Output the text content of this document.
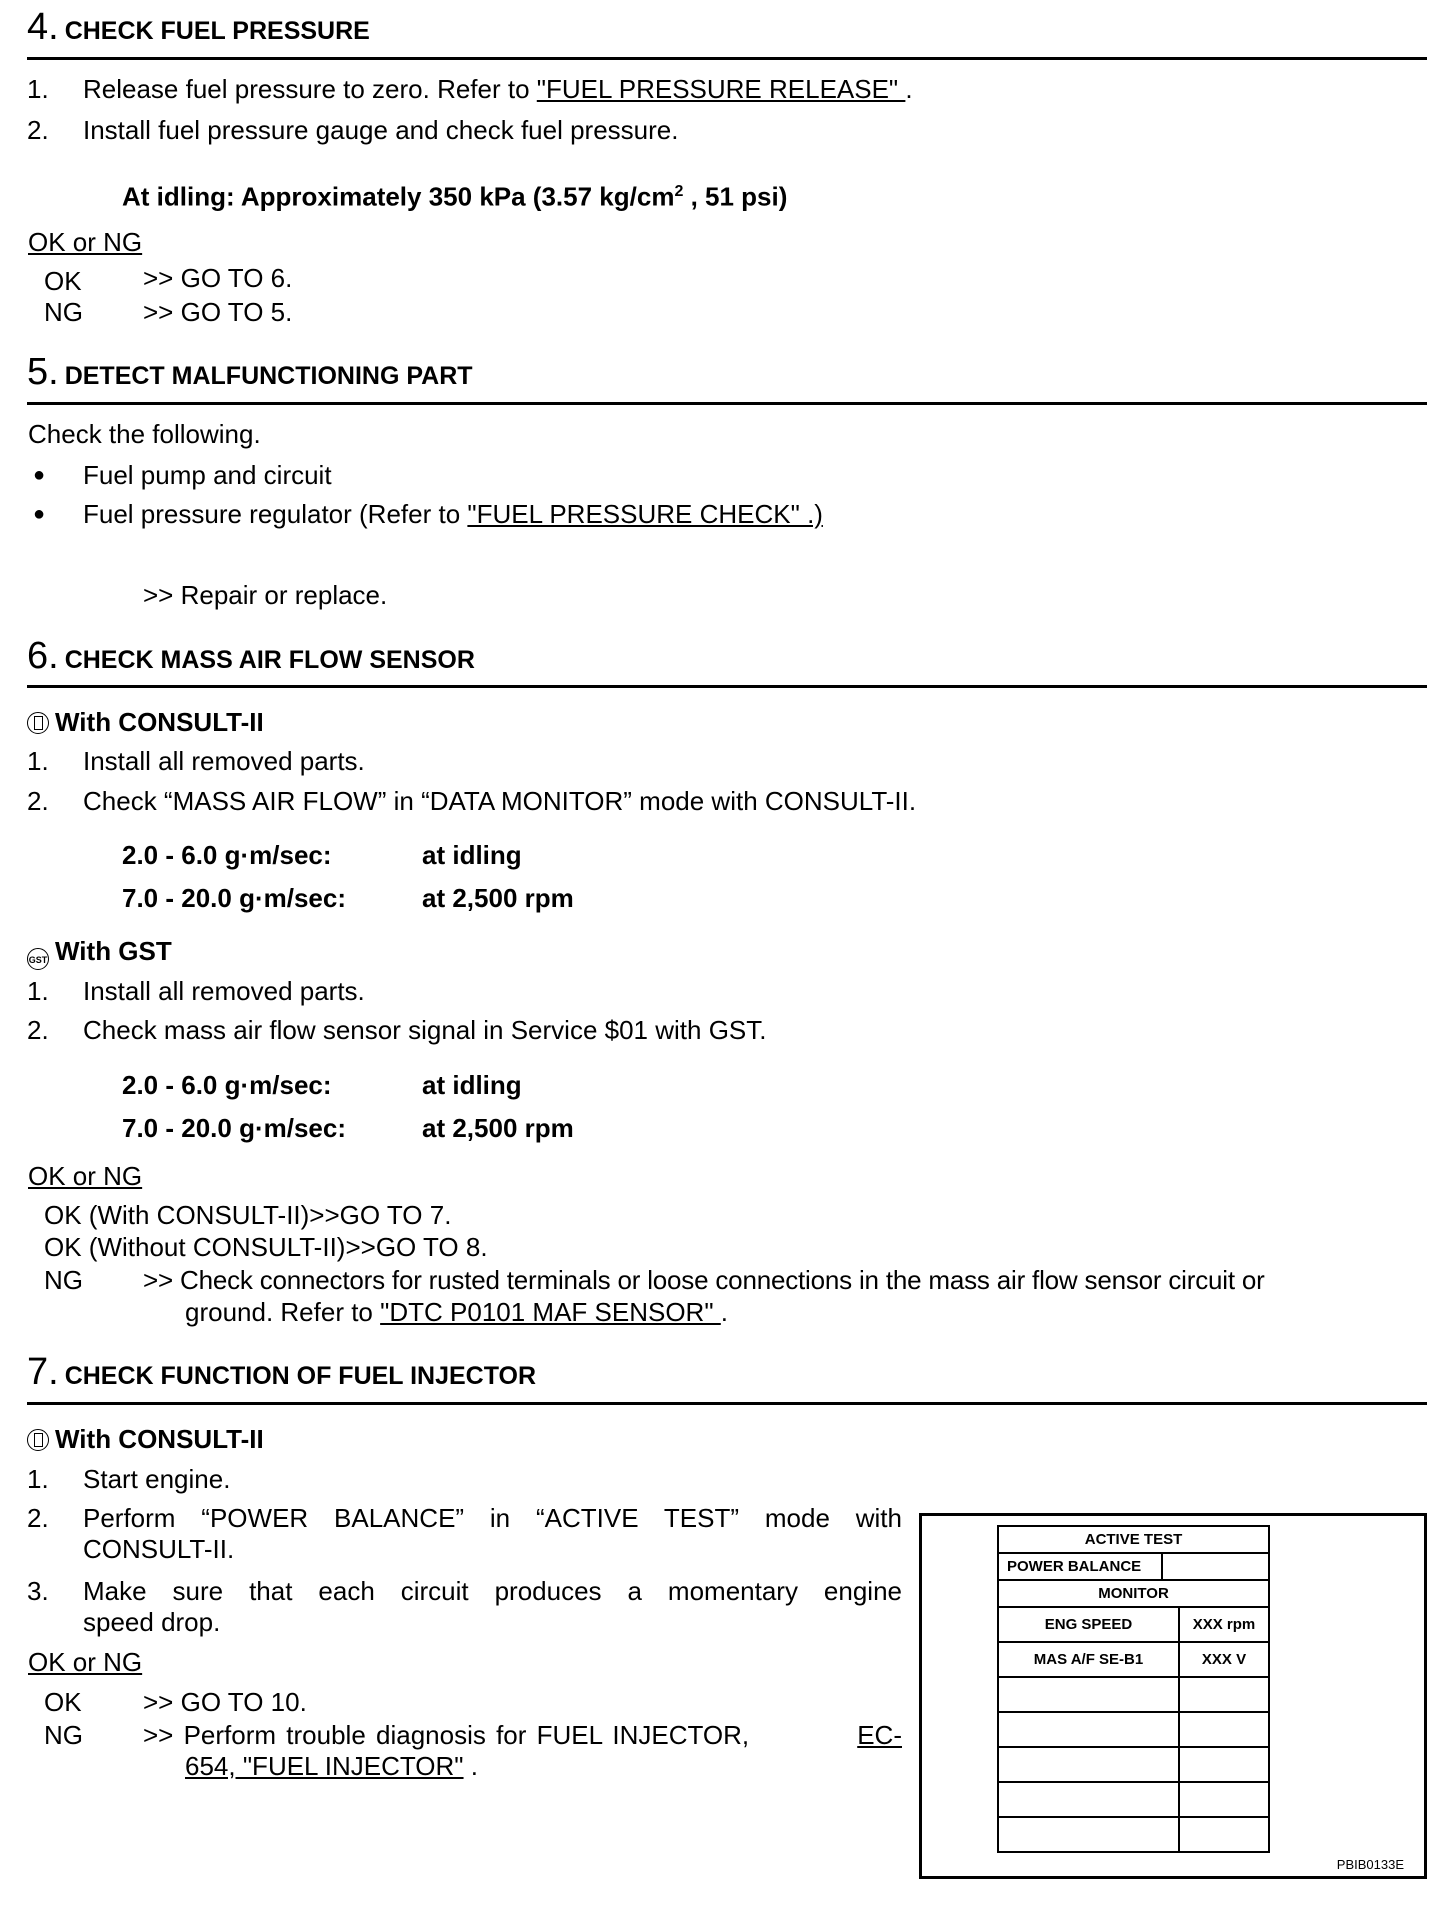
4. CHECK FUEL PRESSURE
1. Release fuel pressure to zero. Refer to "FUEL PRESSURE RELEASE" .
2. Install fuel pressure gauge and check fuel pressure.
At idling: Approximately 350 kPa (3.57 $kg/cm^2$ , 51 psi)
OK or NG
OK >> GO TO 6.
NG >> GO TO 5.
5. DETECT MALFUNCTIONING PART
Check the following.
● Fuel pump and circuit
● Fuel pressure regulator (Refer to "FUEL PRESSURE CHECK" .)
>> Repair or replace.
6. CHECK MASS AIR FLOW SENSOR
With CONSULT-II
1. Install all removed parts.
2. Check “MASS AIR FLOW” in “DATA MONITOR” mode with CONSULT-II.
2.0 - 6.0 g·m/sec:	at idling
7.0 - 20.0 g·m/sec:	at 2,500 rpm
GST With GST
1. Install all removed parts.
2. Check mass air flow sensor signal in Service $01 with GST.
2.0 - 6.0 g·m/sec:	at idling
7.0 - 20.0 g·m/sec:	at 2,500 rpm
OK or NG
OK (With CONSULT-II)>>GO TO 7.
OK (Without CONSULT-II)>>GO TO 8.
NG >> Check connectors for rusted terminals or loose connections in the mass air flow sensor circuit or
ground. Refer to "DTC P0101 MAF SENSOR" .
7. CHECK FUNCTION OF FUEL INJECTOR
With CONSULT-II
1. Start engine.
2. Perform “POWER BALANCE” in “ACTIVE TEST” mode with
CONSULT-II.
3. Make sure that each circuit produces a momentary engine
speed drop.
OK or NG
OK >> GO TO 10.
NG >> Perform trouble diagnosis for FUEL INJECTOR,	EC-
654, "FUEL INJECTOR" .
ACTIVE TEST	
POWER BALANCE	
MONITOR	
ENG SPEED	XXX rpm
MAS A/F SE-B1	XXX V

PBIB0133E
